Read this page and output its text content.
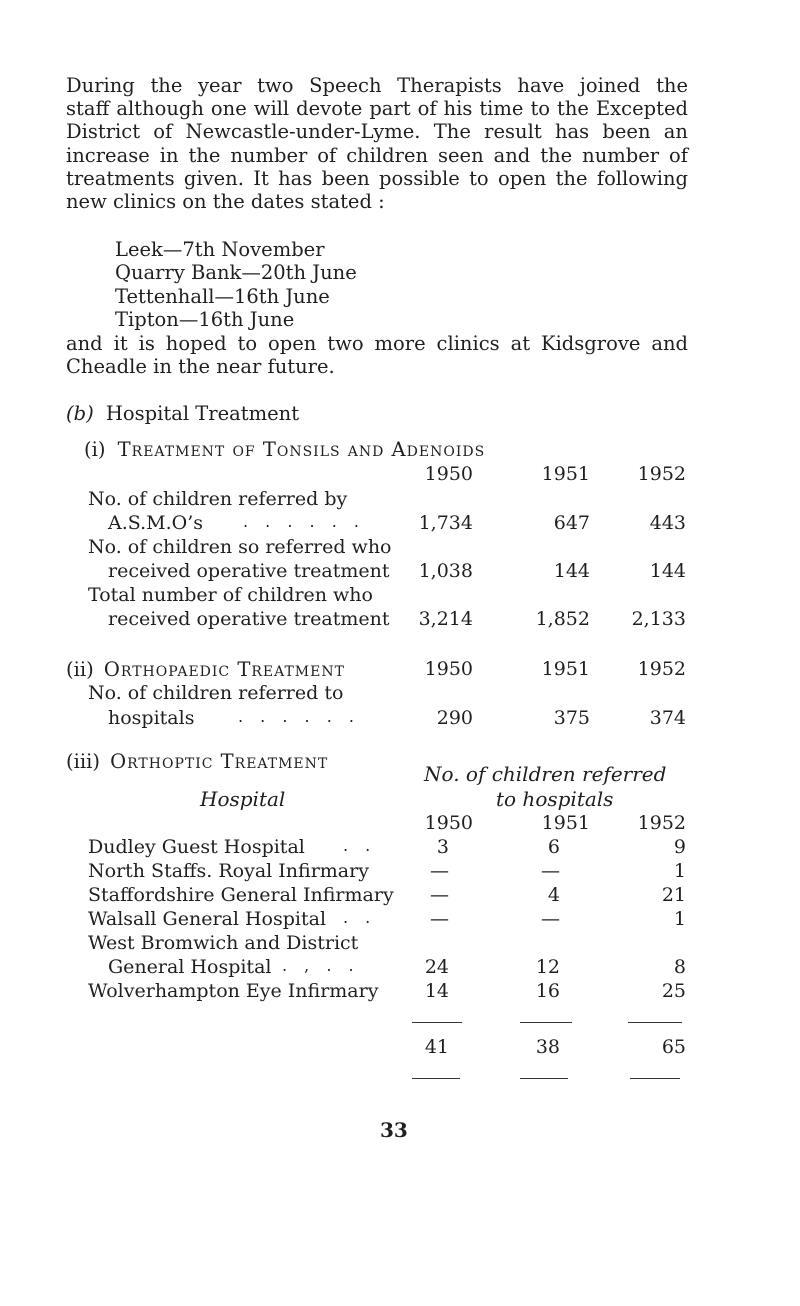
During the year two Speech Therapists have joined the
staff although one will devote part of his time to the Excepted
District of Newcastle-under-Lyme. The result has been an
increase in the number of children seen and the number of
treatments given. It has been possible to open the following
new clinics on the dates stated :
Leek—7th November
Quarry Bank—20th June
Tettenhall—16th June
Tipton—16th June
and it is hoped to open two more clinics at Kidsgrove and
Cheadle in the near future.
(b) Hospital Treatment
(i) Treatment of Tonsils and Adenoids
1950	1951	1952
No. of children referred by
A.S.M.O’s	. . . . . .	1,734	647	443
No. of children so referred who
received operative treatment	1,038	144	144
Total number of children who
received operative treatment	3,214	1,852	2,133
(ii) Orthopaedic Treatment	1950	1951	1952
No. of children referred to
hospitals	. . . . . .	290	375	374
(iii) Orthoptic Treatment
No. of children referred
to hospitals
Hospital
1950	1951	1952
Dudley Guest Hospital . .	3	6	9
North Staffs. Royal Infirmary	—	—	1
Staffordshire General Infirmary	—	4	21
Walsall General Hospital . .	—	—	1
West Bromwich and District
General Hospital . , . .	24	12	8
Wolverhampton Eye Infirmary	14	16	25
41	38	65
33
